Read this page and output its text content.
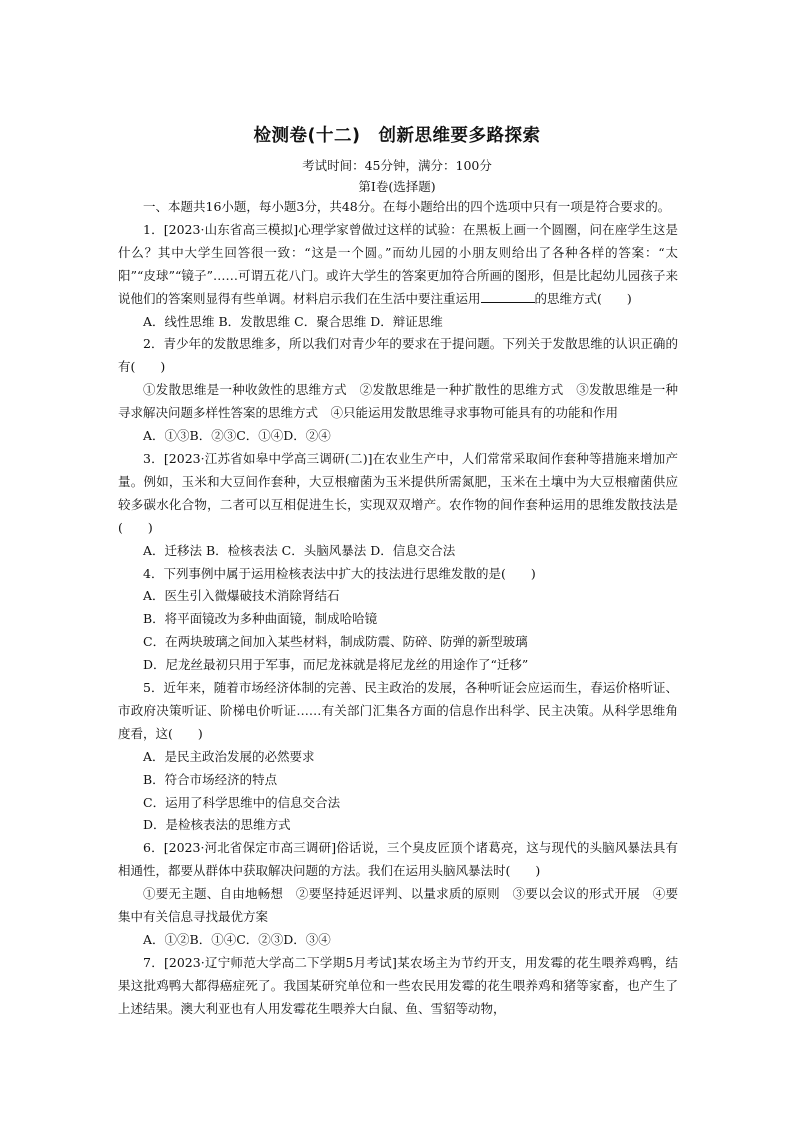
检测卷(十二) 创新思维要多路探索
考试时间：45分钟，满分：100分
第Ⅰ卷(选择题)

一、本题共16小题，每小题3分，共48分。在每小题给出的四个选项中只有一项是符合要求的。

1．[2023·山东省高三模拟]心理学家曾做过这样的试验：在黑板上画一个圆圈，问在座学生这是什么？其中大学生回答很一致：“这是一个圆。”而幼儿园的小朋友则给出了各种各样的答案：“太阳”“皮球”“镜子”……可谓五花八门。或许大学生的答案更加符合所画的图形，但是比起幼儿园孩子来说他们的答案则显得有些单调。材料启示我们在生活中要注重运用	的思维方式(　　)

A．线性思维 B．发散思维 C．聚合思维 D．辩证思维

2．青少年的发散思维多，所以我们对青少年的要求在于提问题。下列关于发散思维的认识正确的有(　　)

①发散思维是一种收敛性的思维方式　②发散思维是一种扩散性的思维方式　③发散思维是一种寻求解决问题多样性答案的思维方式　④只能运用发散思维寻求事物可能具有的功能和作用

A．①③B．②③C．①④D．②④

3．[2023·江苏省如皋中学高三调研(二)]在农业生产中，人们常常采取间作套种等措施来增加产量。例如，玉米和大豆间作套种，大豆根瘤菌为玉米提供所需氮肥，玉米在土壤中为大豆根瘤菌供应较多碳水化合物，二者可以互相促进生长，实现双双增产。农作物的间作套种运用的思维发散技法是(　　)

A．迁移法 B．检核表法 C．头脑风暴法 D．信息交合法

4．下列事例中属于运用检核表法中扩大的技法进行思维发散的是(　　)

A．医生引入微爆破技术消除肾结石

B．将平面镜改为多种曲面镜，制成哈哈镜

C．在两块玻璃之间加入某些材料，制成防震、防碎、防弹的新型玻璃

D．尼龙丝最初只用于军事，而尼龙袜就是将尼龙丝的用途作了“迁移”

5．近年来，随着市场经济体制的完善、民主政治的发展，各种听证会应运而生，春运价格听证、市政府决策听证、阶梯电价听证……有关部门汇集各方面的信息作出科学、民主决策。从科学思维角度看，这(　　)

A．是民主政治发展的必然要求

B．符合市场经济的特点

C．运用了科学思维中的信息交合法

D．是检核表法的思维方式

6．[2023·河北省保定市高三调研]俗话说，三个臭皮匠顶个诸葛亮，这与现代的头脑风暴法具有相通性，都要从群体中获取解决问题的方法。我们在运用头脑风暴法时(　　)

①要无主题、自由地畅想　②要坚持延迟评判、以量求质的原则　③要以会议的形式开展　④要集中有关信息寻找最优方案

A．①②B．①④C．②③D．③④

7．[2023·辽宁师范大学高二下学期5月考试]某农场主为节约开支，用发霉的花生喂养鸡鸭，结果这批鸡鸭大都得癌症死了。我国某研究单位和一些农民用发霉的花生喂养鸡和猪等家畜，也产生了上述结果。澳大利亚也有人用发霉花生喂养大白鼠、鱼、雪貂等动物，
